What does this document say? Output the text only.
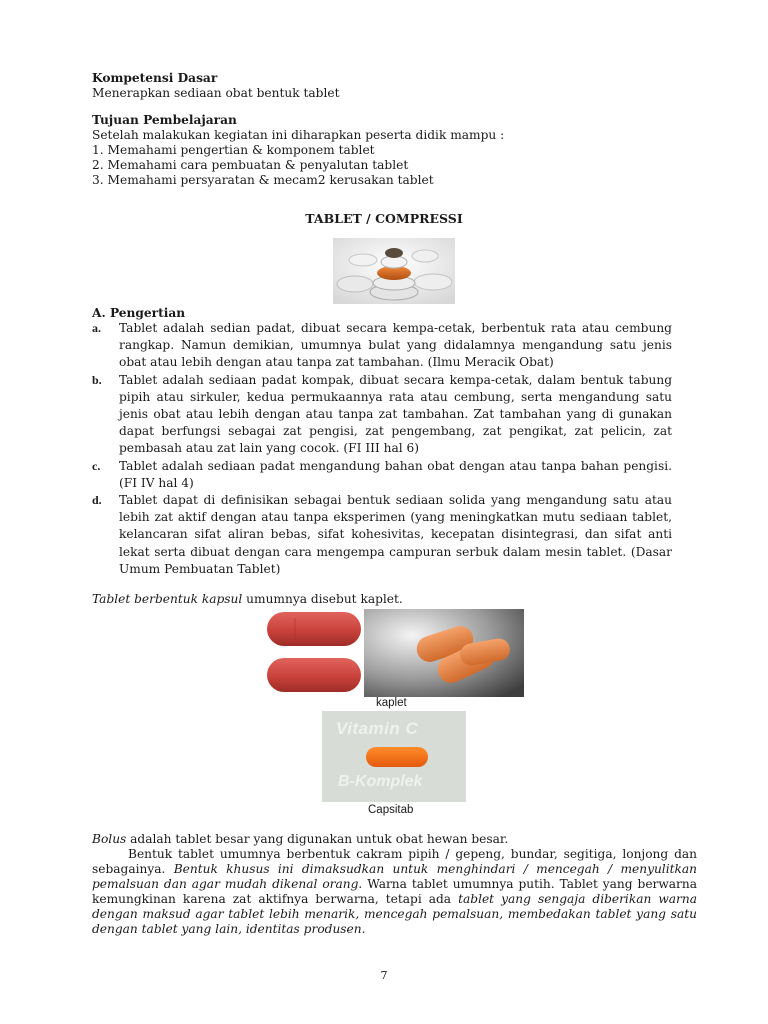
Kompetensi Dasar
Menerapkan sediaan obat bentuk tablet
Tujuan Pembelajaran
Setelah malakukan kegiatan ini diharapkan peserta didik mampu :
1. Memahami pengertian & komponem tablet
2. Memahami cara pembuatan & penyalutan tablet
3. Memahami persyaratan & mecam2 kerusakan tablet
TABLET / COMPRESSI
A. Pengertian
a. Tablet adalah sedian padat, dibuat secara kempa-cetak, berbentuk rata atau cembung rangkap. Namun demikian, umumnya bulat yang didalamnya mengandung satu jenis obat atau lebih dengan atau tanpa zat tambahan. (Ilmu Meracik Obat)
b. Tablet adalah sediaan padat kompak, dibuat secara kempa-cetak, dalam bentuk tabung pipih atau sirkuler, kedua permukaannya rata atau cembung, serta mengandung satu jenis obat atau lebih dengan atau tanpa zat tambahan. Zat tambahan yang di gunakan dapat berfungsi sebagai zat pengisi, zat pengembang, zat pengikat, zat pelicin, zat pembasah atau zat lain yang cocok. (FI III hal 6)
c. Tablet adalah sediaan padat mengandung bahan obat dengan atau tanpa bahan pengisi. (FI IV hal 4)
d. Tablet dapat di definisikan sebagai bentuk sediaan solida yang mengandung satu atau lebih zat aktif dengan atau tanpa eksperimen (yang meningkatkan mutu sediaan tablet, kelancaran sifat aliran bebas, sifat kohesivitas, kecepatan disintegrasi, dan sifat anti lekat serta dibuat dengan cara mengempa campuran serbuk dalam mesin tablet. (Dasar Umum Pembuatan Tablet)
Tablet berbentuk kapsul umumnya disebut kaplet.
kaplet
Vitamin C
B-Komplek
Capsitab
Bolus adalah tablet besar yang digunakan untuk obat hewan besar.
Bentuk tablet umumnya berbentuk cakram pipih / gepeng, bundar, segitiga, lonjong dan sebagainya. Bentuk khusus ini dimaksudkan untuk menghindari / mencegah / menyulitkan pemalsuan dan agar mudah dikenal orang. Warna tablet umumnya putih. Tablet yang berwarna kemungkinan karena zat aktifnya berwarna, tetapi ada tablet yang sengaja diberikan warna dengan maksud agar tablet lebih menarik, mencegah pemalsuan, membedakan tablet yang satu dengan tablet yang lain, identitas produsen.
7
